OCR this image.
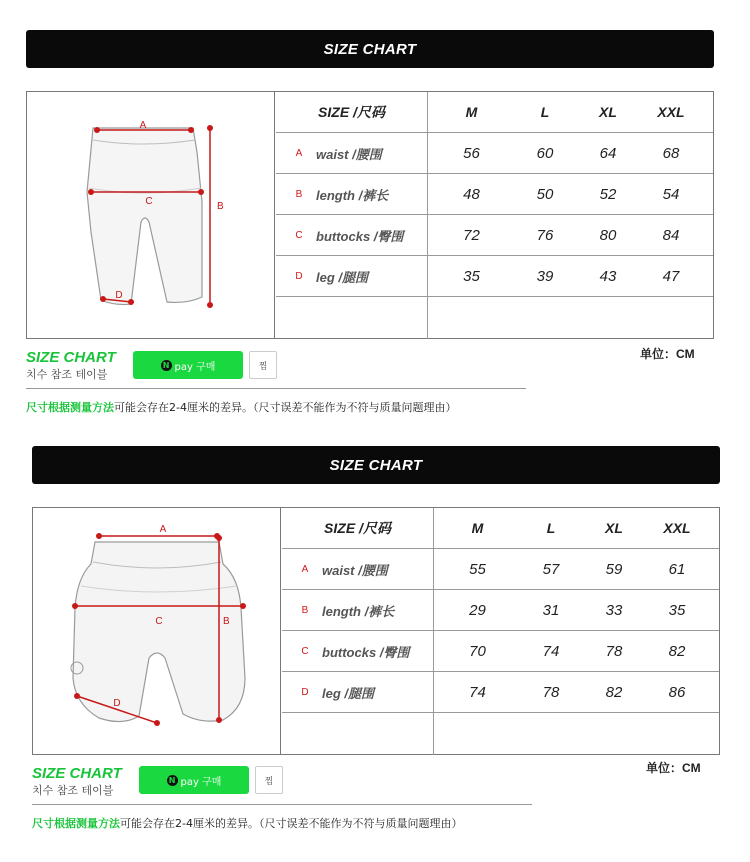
SIZE CHART
A
C	B
D
SIZE /尺码	M	L	XL	XXL
A	waist /腰围	56	60	64	68
B	length /裤长	48	50	52	54
C	buttocks /臀围	72	76	80	84
D	leg /腿围	35	39	43	47
单位：CM
SIZE CHART
치수 참조 테이블
N pay 구매	찜
尺寸根据测量方法可能会存在2-4厘米的差异。（尺寸误差不能作为不符与质量问题理由）
SIZE CHART
A
C	B
D
SIZE /尺码	M	L	XL	XXL
A	waist /腰围	55	57	59	61
B	length /裤长	29	31	33	35
C	buttocks /臀围	70	74	78	82
D	leg /腿围	74	78	82	86
单位：CM
SIZE CHART
치수 참조 테이블
N pay 구매	찜
尺寸根据测量方法可能会存在2-4厘米的差异。（尺寸误差不能作为不符与质量问题理由）
